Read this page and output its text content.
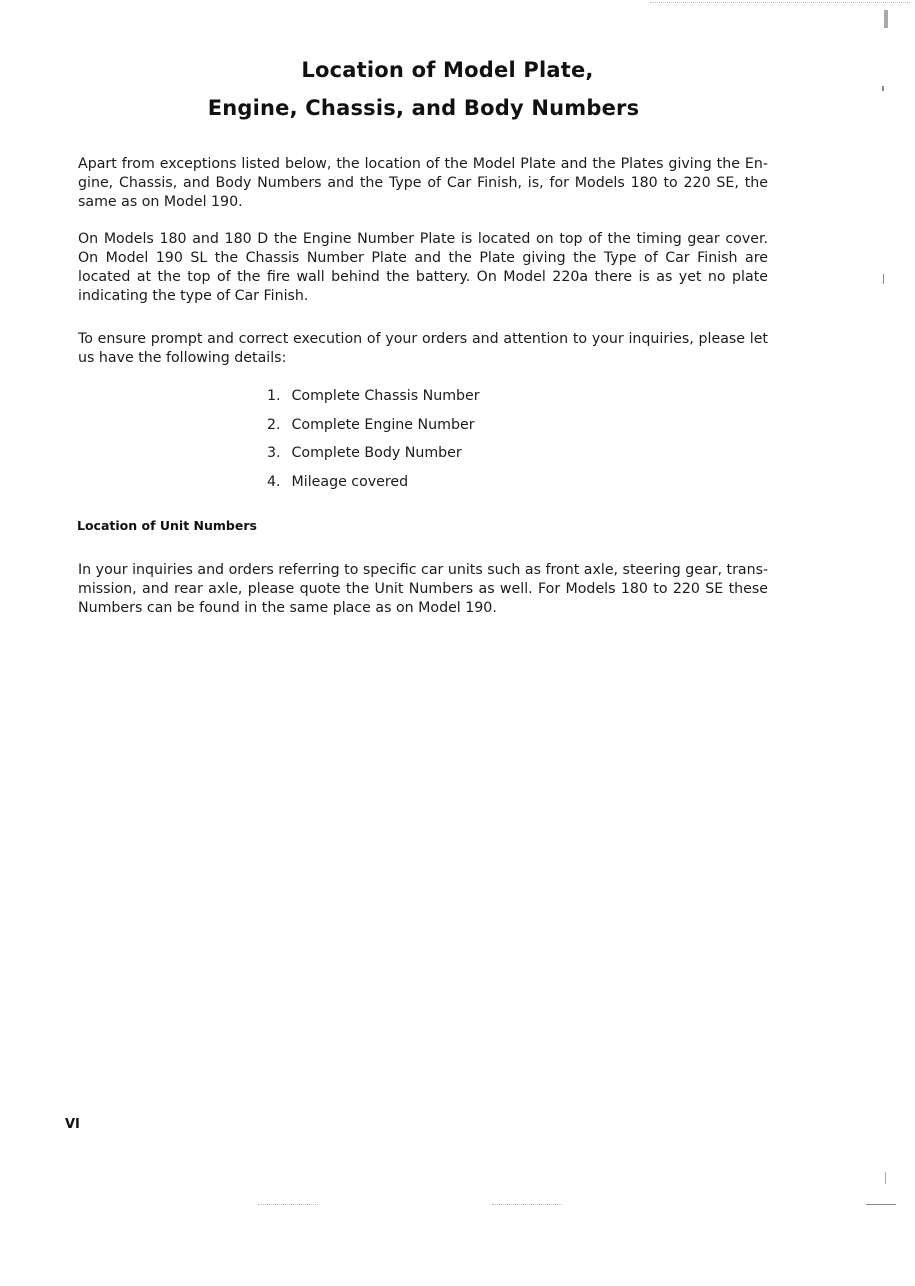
Location of Model Plate,
Engine, Chassis, and Body Numbers
Apart from exceptions listed below, the location of the Model Plate and the Plates giving the En-
gine, Chassis, and Body Numbers and the Type of Car Finish, is, for Models 180 to 220 SE, the
same as on Model 190.
On Models 180 and 180 D the Engine Number Plate is located on top of the timing gear cover.
On Model 190 SL the Chassis Number Plate and the Plate giving the Type of Car Finish are
located at the top of the fire wall behind the battery. On Model 220a there is as yet no plate
indicating the type of Car Finish.
To ensure prompt and correct execution of your orders and attention to your inquiries, please let
us have the following details:
1. Complete Chassis Number
2. Complete Engine Number
3. Complete Body Number
4. Mileage covered
Location of Unit Numbers
In your inquiries and orders referring to specific car units such as front axle, steering gear, trans-
mission, and rear axle, please quote the Unit Numbers as well. For Models 180 to 220 SE these
Numbers can be found in the same place as on Model 190.
VI
